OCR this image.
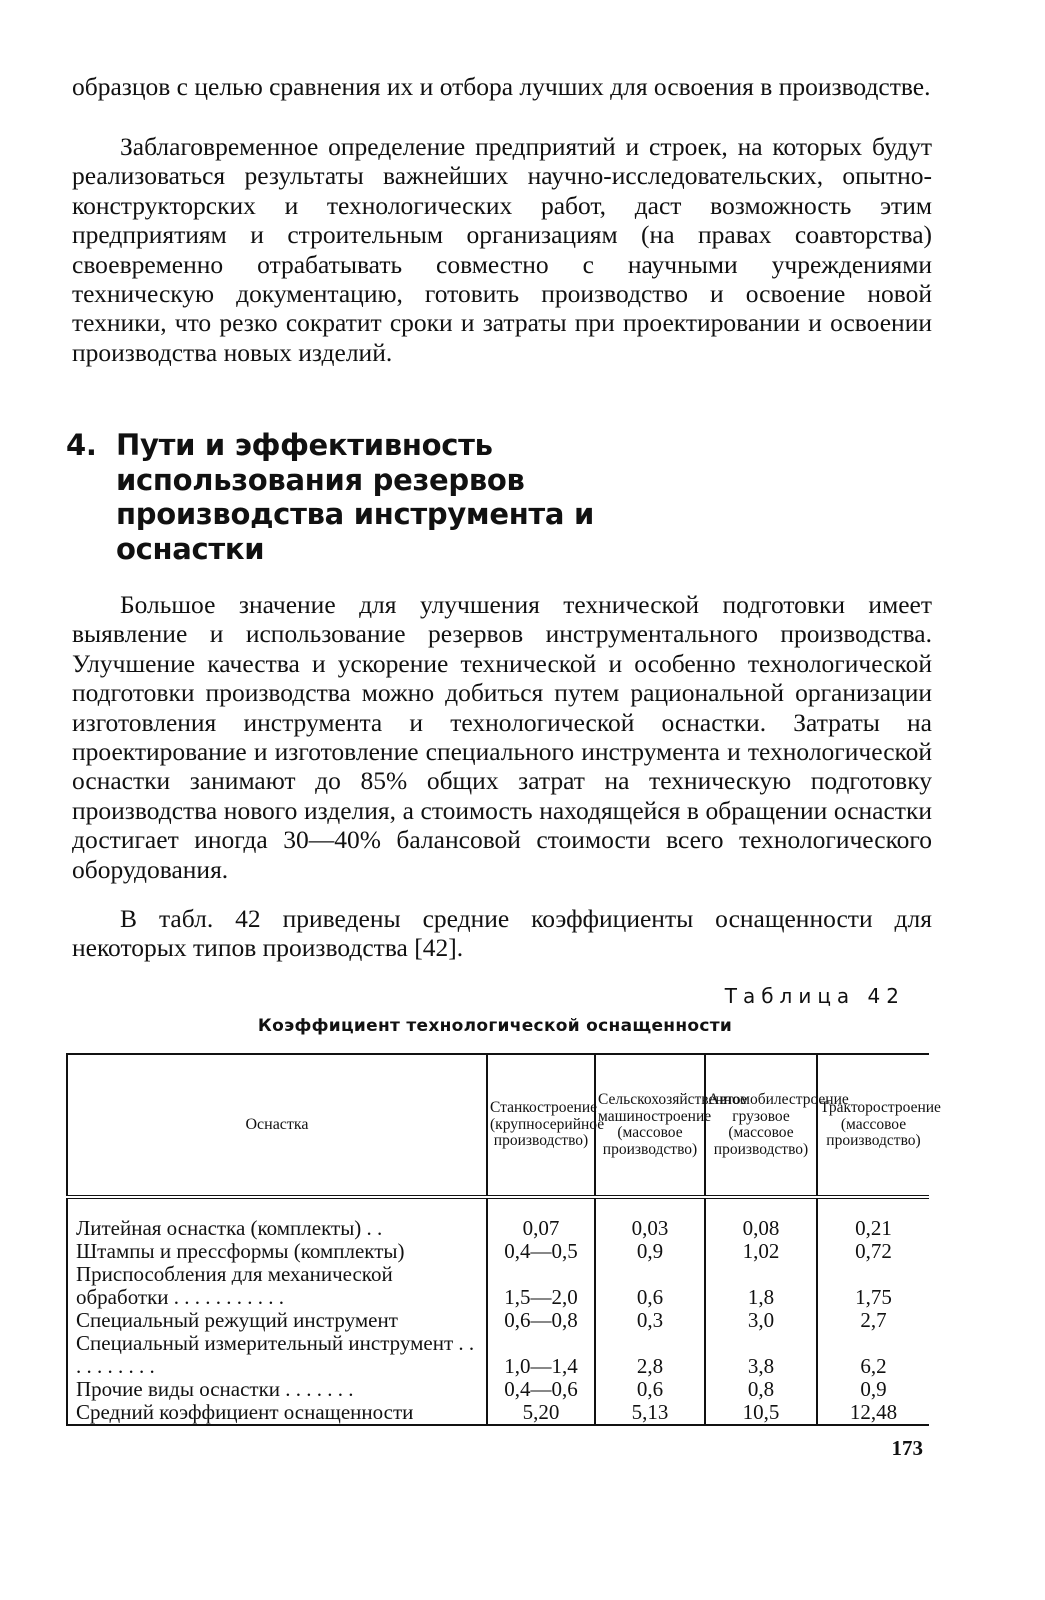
образцов с целью сравнения их и отбора лучших для освоения в производстве.

Заблаговременное определение предприятий и строек, на которых будут реализоваться результаты важнейших научно-исследовательских, опытно-конструкторских и технологических работ, даст возможность этим предприятиям и строительным организациям (на правах соавторства) своевременно отрабатывать совместно с научными учреждениями техническую документацию, готовить производство и освоение новой техники, что резко сократит сроки и затраты при проектировании и освоении производства новых изделий.

4. Пути и эффективность использования резервов производства инструмента и оснастки

Большое значение для улучшения технической подготовки имеет выявление и использование резервов инструментального производства. Улучшение качества и ускорение технической и особенно технологической подготовки производства можно добиться путем рациональной организации изготовления инструмента и технологической оснастки. Затраты на проектирование и изготовление специального инструмента и технологической оснастки занимают до 85% общих затрат на техническую подготовку производства нового изделия, а стоимость находящейся в обращении оснастки достигает иногда 30—40% балансовой стоимости всего технологического оборудования.

В табл. 42 приведены средние коэффициенты оснащенности для некоторых типов производства [42].

Таблица 42
Коэффициент технологической оснащенности
Оснастка	Станкостроение (крупносерийное производство)	Сельскохозяйственное машиностроение (массовое производство)	Автомобилестроение грузовое (массовое производство)	Тракторостроение (массовое производство)
Литейная оснастка (комплекты) . .	0,07	0,03	0,08	0,21
Штампы и прессформы (комплекты)	0,4—0,5	0,9	1,02	0,72
Приспособления для механической обработки . . . . . . . . . . .	1,5—2,0	0,6	1,8	1,75
Специальный режущий инструмент	0,6—0,8	0,3	3,0	2,7
Специальный измерительный инструмент . . . . . . . . . .	1,0—1,4	2,8	3,8	6,2
Прочие виды оснастки . . . . . . .	0,4—0,6	0,6	0,8	0,9
Средний коэффициент оснащенности	5,20	5,13	10,5	12,48
173
